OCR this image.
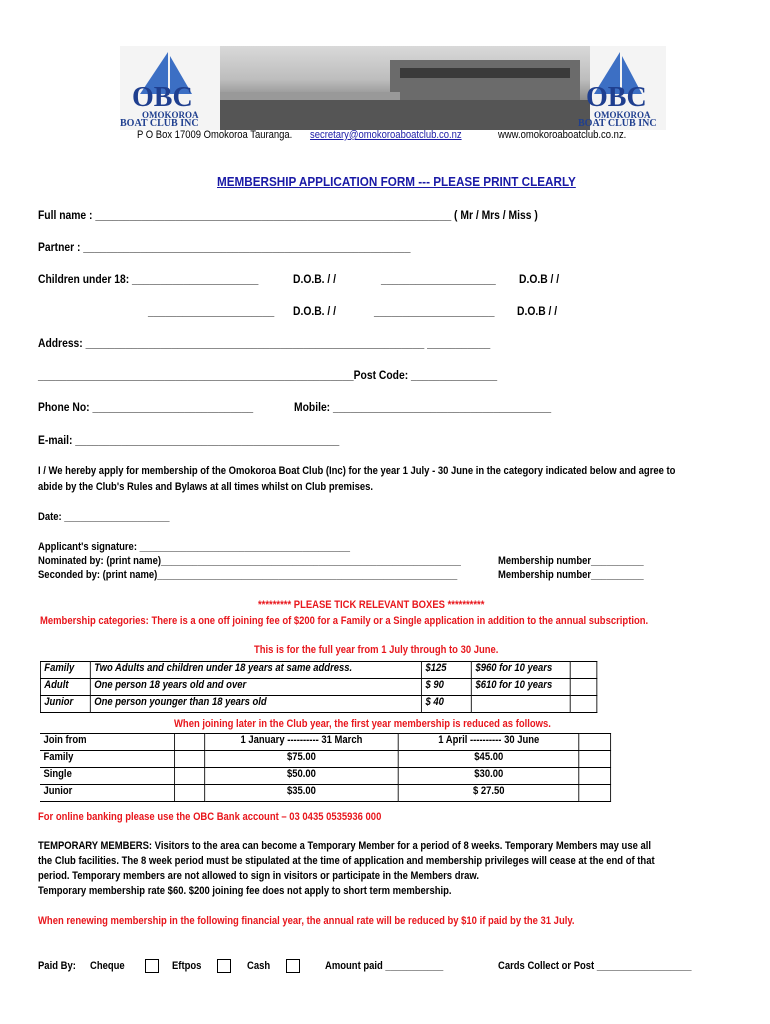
OBC
OMOKOROA
BOAT CLUB INC
OBC
OMOKOROA
BOAT CLUB INC
P O Box 17009 Omokoroa Tauranga. secretary@omokoroaboatclub.co.nz	www.omokoroaboatclub.co.nz.
MEMBERSHIP APPLICATION FORM --- PLEASE PRINT CLEARLY
Full name : ______________________________________________________________ ( Mr / Mrs / Miss )
Partner : _________________________________________________________
Children under 18: ______________________	D.O.B. / /	____________________ D.O.B / /
______________________ D.O.B. / /	_____________________ D.O.B / /
Address: ___________________________________________________________ ___________
_______________________________________________________Post Code: _______________
Phone No: ____________________________	Mobile: ______________________________________
E-mail: ______________________________________________
I / We hereby apply for membership of the Omokoroa Boat Club (Inc) for the year 1 July - 30 June in the category indicated below and agree to
abide by the Club's Rules and Bylaws at all times whilst on Club premises.
Date: ____________________
Applicant's signature: ________________________________________
Nominated by: (print name)_________________________________________________________
Seconded by: (print name)_________________________________________________________
Membership number__________
Membership number__________
********* PLEASE TICK RELEVANT BOXES **********
Membership categories: There is a one off joining fee of $200 for a Family or a Single application in addition to the annual subscription.
This is for the full year from 1 July through to 30 June.
Family	Two Adults and children under 18 years at same address.	$125	$960 for 10 years	
Adult	One person 18 years old and over	$ 90	$610 for 10 years	
Junior	One person younger than 18 years old	$ 40		
When joining later in the Club year, the first year membership is reduced as follows.
Join from		1 January ---------- 31 March	1 April ---------- 30 June	
Family		$75.00	$45.00	
Single		$50.00	$30.00	
Junior		$35.00	$ 27.50	
For online banking please use the OBC Bank account – 03 0435 0535936 000
TEMPORARY MEMBERS: Visitors to the area can become a Temporary Member for a period of 8 weeks. Temporary Members may use all
the Club facilities. The 8 week period must be stipulated at the time of application and membership privileges will cease at the end of that
period. Temporary members are not allowed to sign in visitors or participate in the Members draw.
Temporary membership rate $60. $200 joining fee does not apply to short term membership.
When renewing membership in the following financial year, the annual rate will be reduced by $10 if paid by the 31 July.
Paid By: Cheque	Eftpos	Cash	Amount paid ___________	Cards Collect or Post __________________
